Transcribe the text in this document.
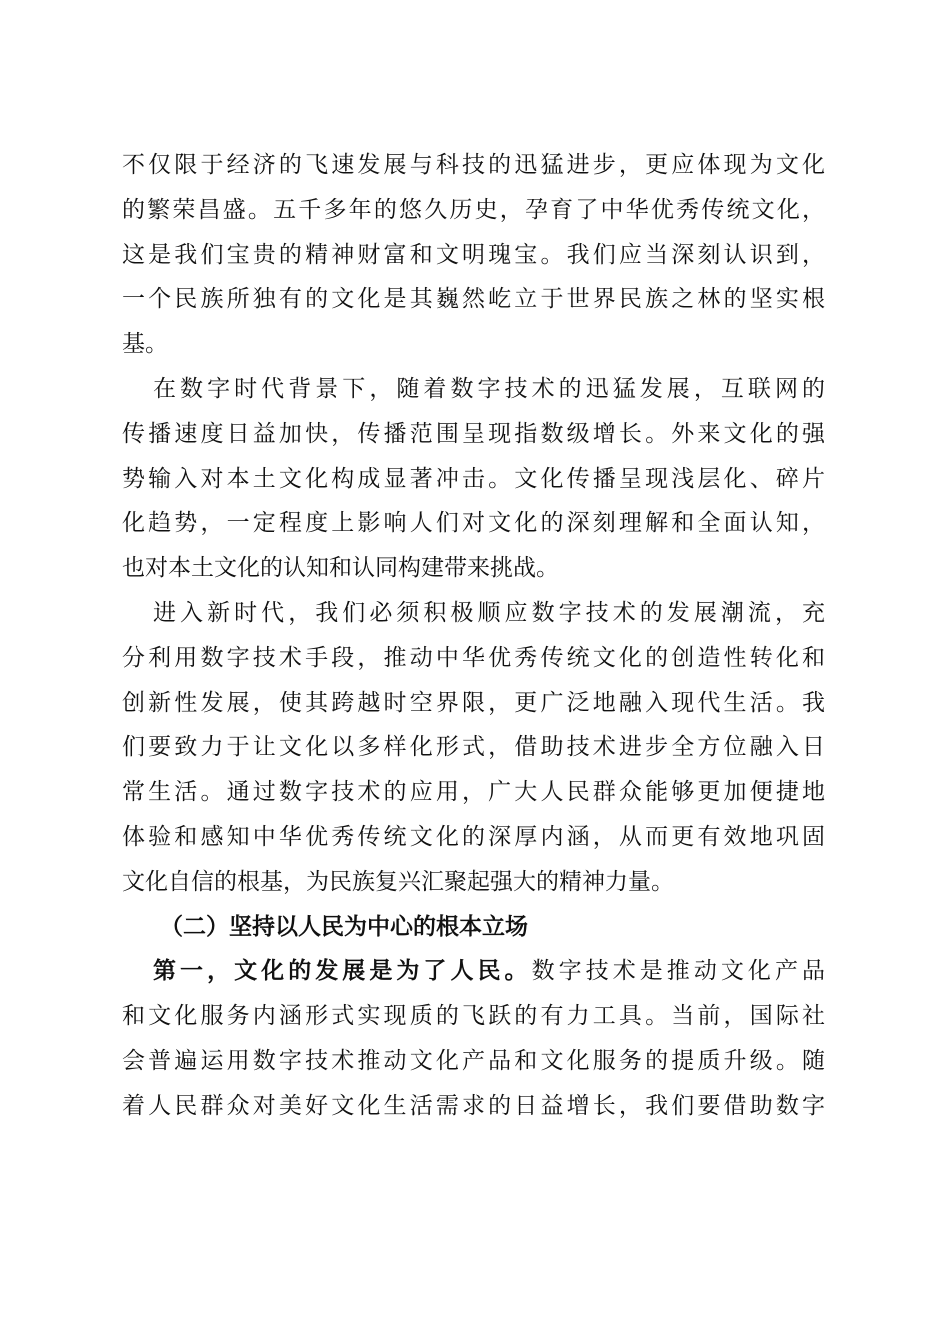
不仅限于经济的飞速发展与科技的迅猛进步，更应体现为文化
的繁荣昌盛。五千多年的悠久历史，孕育了中华优秀传统文化，
这是我们宝贵的精神财富和文明瑰宝。我们应当深刻认识到，
一个民族所独有的文化是其巍然屹立于世界民族之林的坚实根
基。
在数字时代背景下，随着数字技术的迅猛发展，互联网的
传播速度日益加快，传播范围呈现指数级增长。外来文化的强
势输入对本土文化构成显著冲击。文化传播呈现浅层化、碎片
化趋势，一定程度上影响人们对文化的深刻理解和全面认知，
也对本土文化的认知和认同构建带来挑战。
进入新时代，我们必须积极顺应数字技术的发展潮流，充
分利用数字技术手段，推动中华优秀传统文化的创造性转化和
创新性发展，使其跨越时空界限，更广泛地融入现代生活。我
们要致力于让文化以多样化形式，借助技术进步全方位融入日
常生活。通过数字技术的应用，广大人民群众能够更加便捷地
体验和感知中华优秀传统文化的深厚内涵，从而更有效地巩固
文化自信的根基，为民族复兴汇聚起强大的精神力量。
（二）坚持以人民为中心的根本立场
第一，文化的发展是为了人民。数字技术是推动文化产品
和文化服务内涵形式实现质的飞跃的有力工具。当前，国际社
会普遍运用数字技术推动文化产品和文化服务的提质升级。随
着人民群众对美好文化生活需求的日益增长，我们要借助数字
